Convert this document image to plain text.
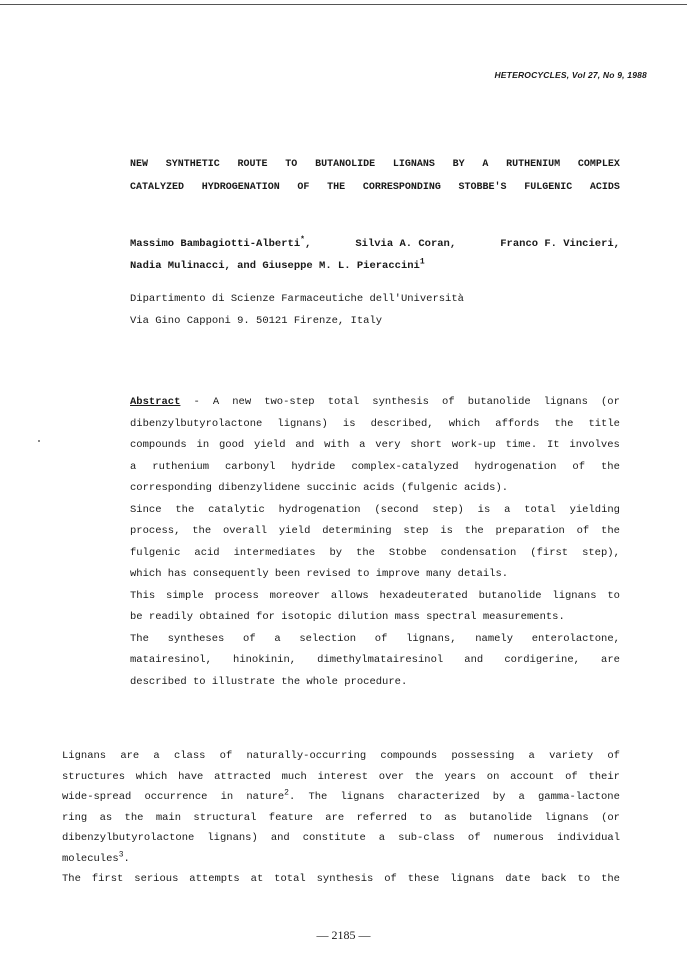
HETEROCYCLES, Vol 27, No 9, 1988
NEW SYNTHETIC ROUTE TO BUTANOLIDE LIGNANS BY A RUTHENIUM COMPLEX
CATALYZED HYDROGENATION OF THE CORRESPONDING STOBBE'S FULGENIC ACIDS
Massimo Bambagiotti-Alberti*,	Silvia A. Coran,	Franco F. Vincieri,
Nadia Mulinacci, and Giuseppe M. L. Pieraccini$^1$
Dipartimento di Scienze Farmaceutiche dell'Università
Via Gino Capponi 9. 50121 Firenze, Italy
Abstract - A new two-step total synthesis of butanolide lignans (or
dibenzylbutyrolactone lignans) is described, which affords the title
compounds in good yield and with a very short work-up time. It involves
a ruthenium carbonyl hydride complex-catalyzed hydrogenation of the
corresponding dibenzylidene succinic acids (fulgenic acids).
Since the catalytic hydrogenation (second step) is a total yielding
process, the overall yield determining step is the preparation of the
fulgenic acid intermediates by the Stobbe condensation (first step),
which has consequently been revised to improve many details.
This simple process moreover allows hexadeuterated butanolide lignans to
be readily obtained for isotopic dilution mass spectral measurements.
The syntheses of a selection of lignans, namely enterolactone,
matairesinol, hinokinin, dimethylmatairesinol and cordigerine, are
described to illustrate the whole procedure.
Lignans are a class of naturally-occurring compounds possessing a variety of
structures which have attracted much interest over the years on account of their
wide-spread occurrence in nature$^2$. The lignans characterized by a gamma-lactone
ring as the main structural feature are referred to as butanolide lignans (or
dibenzylbutyrolactone lignans) and constitute a sub-class of numerous individual
molecules$^3$.
The first serious attempts at total synthesis of these lignans date back to the
— 2185 —
